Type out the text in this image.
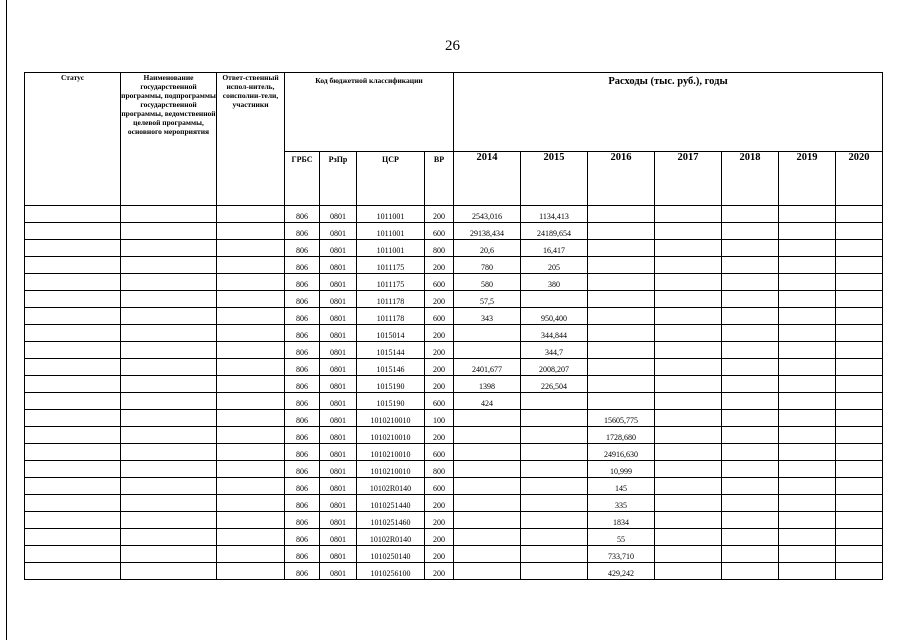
26
Статус	Наименование государственной программы, подпрограммы государственной программы, ведомственной целевой программы, основного мероприятия	Ответ-ственный испол-нитель, соисполни-тели, участники	Код бюджетной классификации				Расходы (тыс. руб.), годы						
			ГРБС	РзПр	ЦСР	ВР	2014	2015	2016	2017	2018	2019	2020
			806	0801	1011001	200	2543,016	1134,413					
			806	0801	1011001	600	29138,434	24189,654					
			806	0801	1011001	800	20,6	16,417					
			806	0801	1011175	200	780	205					
			806	0801	1011175	600	580	380					
			806	0801	1011178	200	57,5						
			806	0801	1011178	600	343	950,400					
			806	0801	1015014	200		344,844					
			806	0801	1015144	200		344,7					
			806	0801	1015146	200	2401,677	2008,207					
			806	0801	1015190	200	1398	226,504					
			806	0801	1015190	600	424						
			806	0801	1010210010	100			15605,775				
			806	0801	1010210010	200			1728,680				
			806	0801	1010210010	600			24916,630				
			806	0801	1010210010	800			10,999				
			806	0801	10102R0140	600			145				
			806	0801	1010251440	200			335				
			806	0801	1010251460	200			1834				
			806	0801	10102R0140	200			55				
			806	0801	1010250140	200			733,710				
			806	0801	1010256100	200			429,242				
